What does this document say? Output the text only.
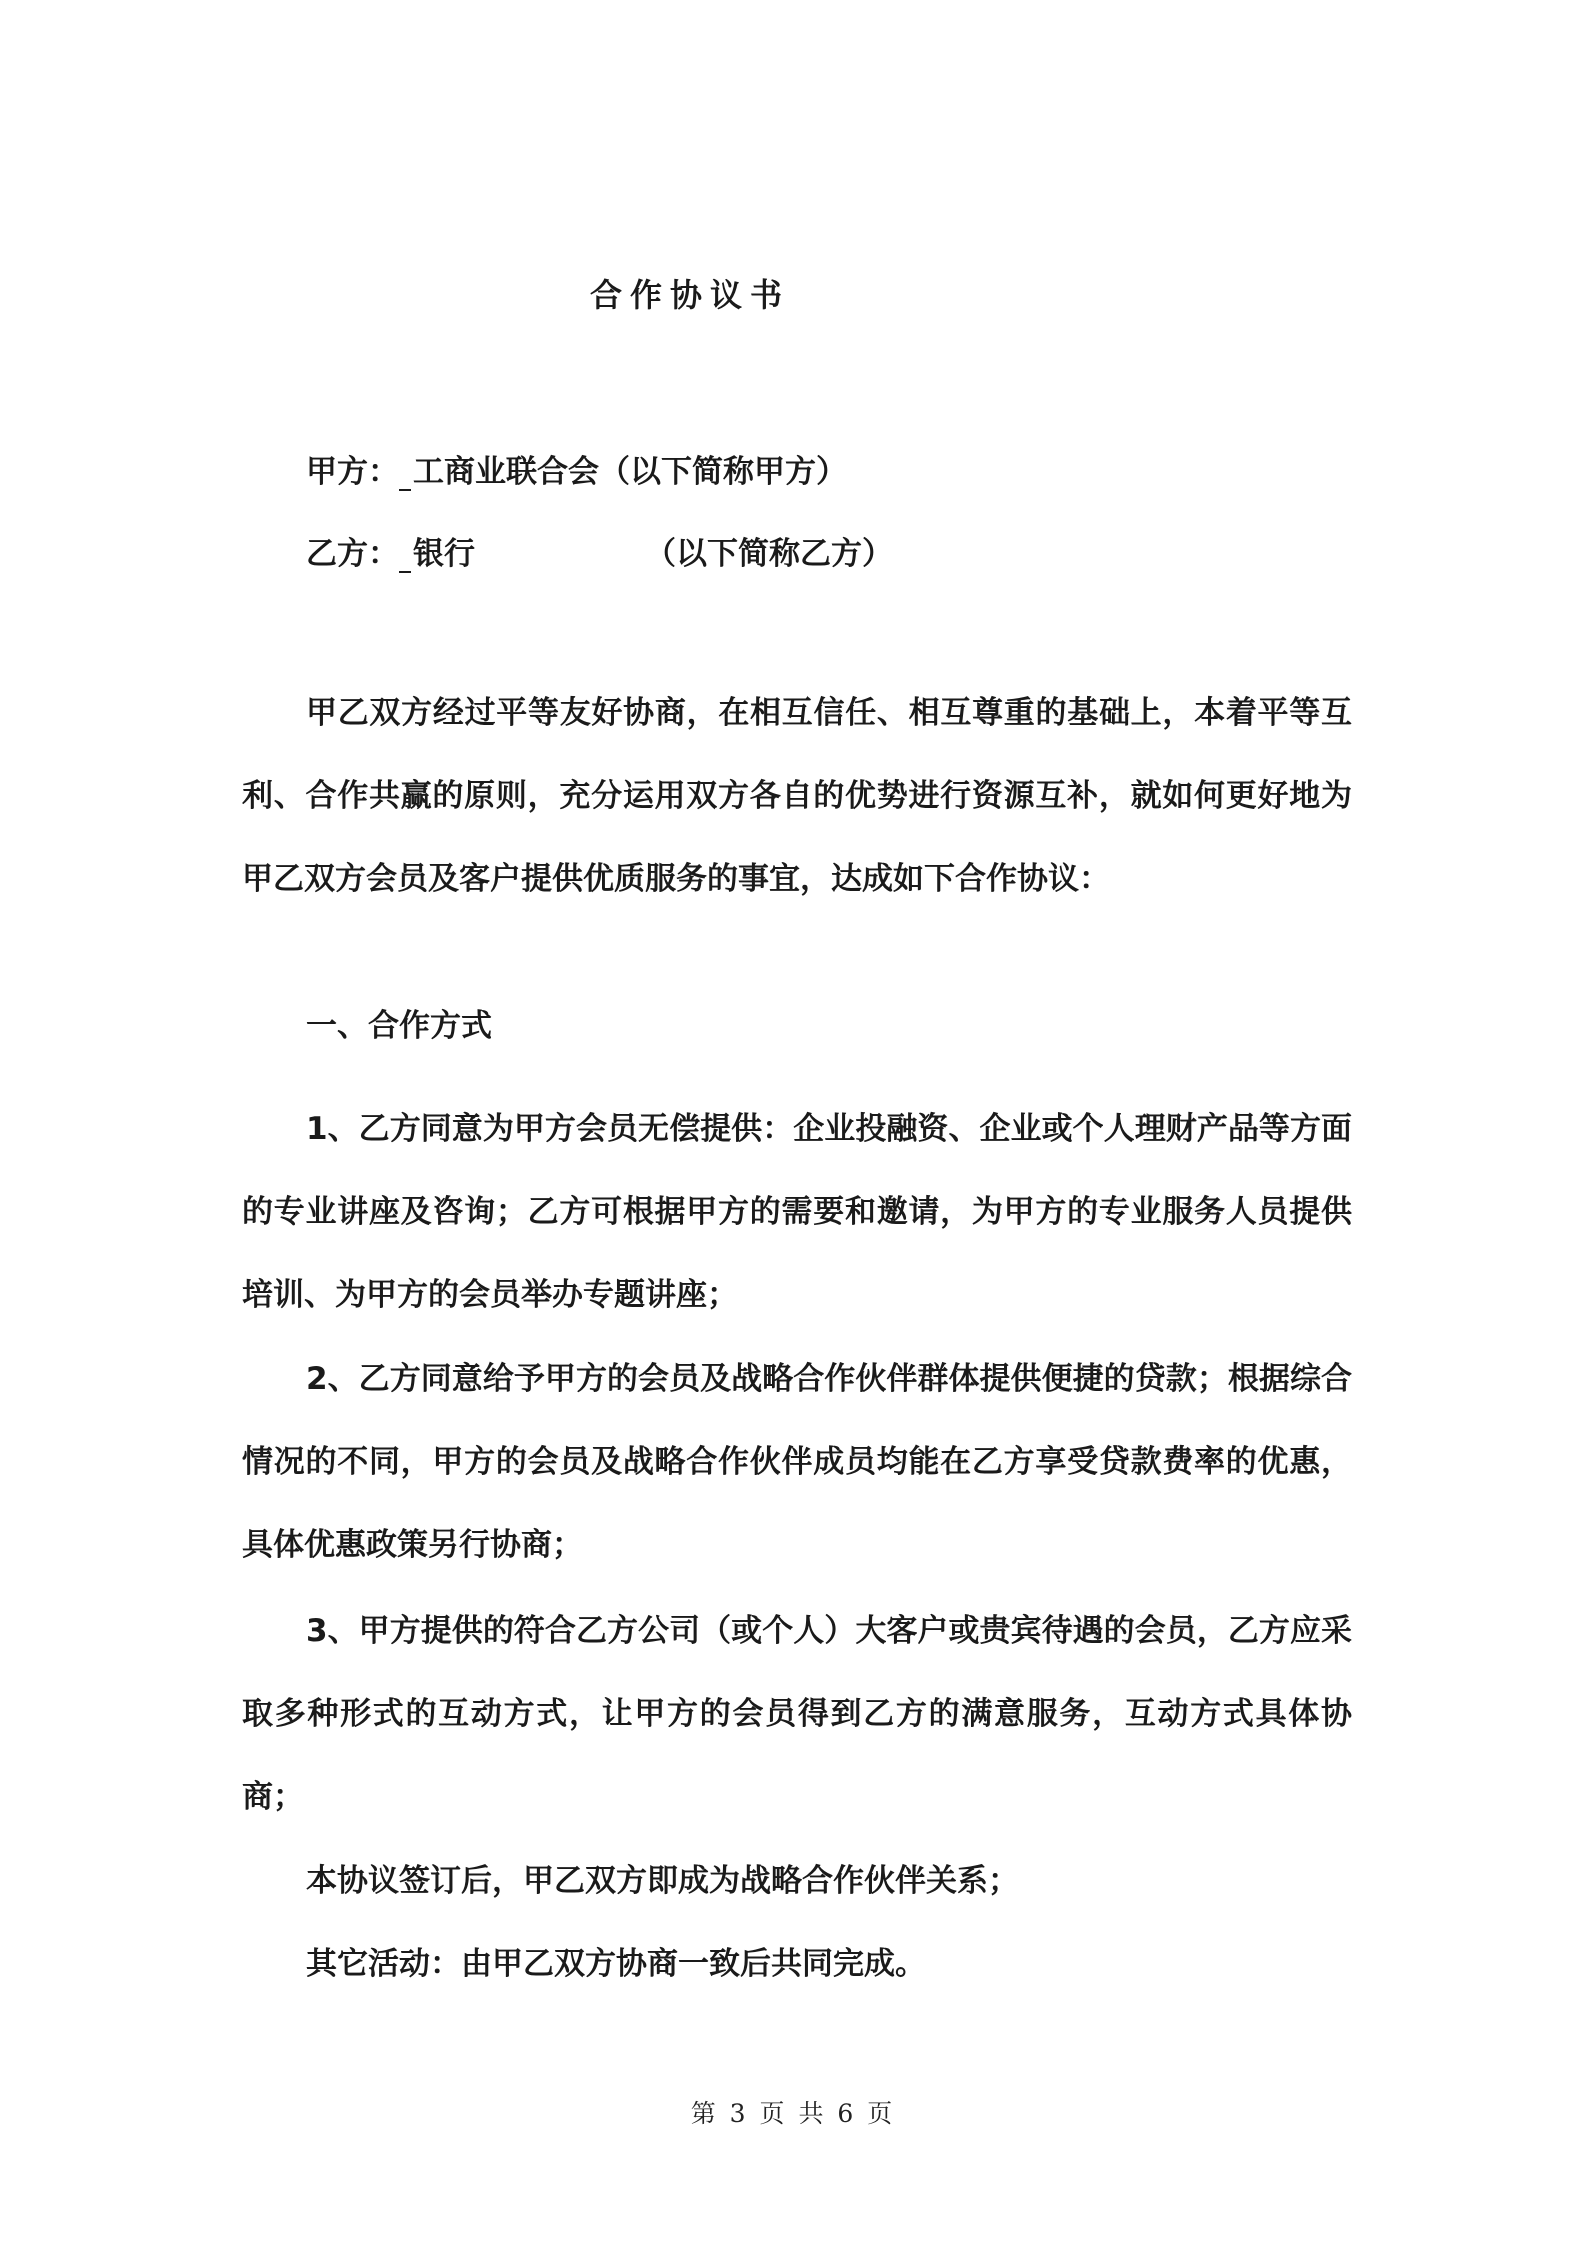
合作协议书
甲方： 工商业联合会（以下简称甲方）
乙方： 银行	（以下简称乙方）

甲乙双方经过平等友好协商，在相互信任、相互尊重的基础上，本着平等互利、合作共赢的原则，充分运用双方各自的优势进行资源互补，就如何更好地为甲乙双方会员及客户提供优质服务的事宜，达成如下合作协议：

一、合作方式

1、乙方同意为甲方会员无偿提供：企业投融资、企业或个人理财产品等方面的专业讲座及咨询；乙方可根据甲方的需要和邀请，为甲方的专业服务人员提供培训、为甲方的会员举办专题讲座；

2、乙方同意给予甲方的会员及战略合作伙伴群体提供便捷的贷款；根据综合情况的不同，甲方的会员及战略合作伙伴成员均能在乙方享受贷款费率的优惠，具体优惠政策另行协商；

3、甲方提供的符合乙方公司（或个人）大客户或贵宾待遇的会员，乙方应采取多种形式的互动方式，让甲方的会员得到乙方的满意服务，互动方式具体协商；

本协议签订后，甲乙双方即成为战略合作伙伴关系；

其它活动：由甲乙双方协商一致后共同完成。

第 3 页 共 6 页
